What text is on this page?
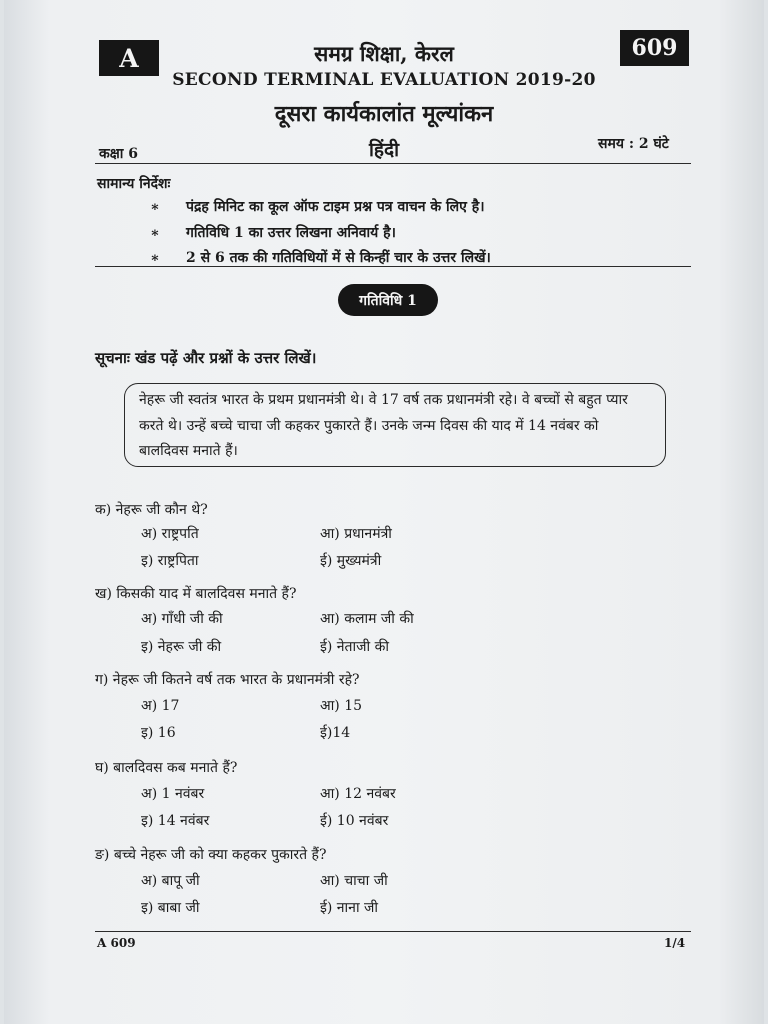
A	609
समग्र शिक्षा, केरल
SECOND TERMINAL EVALUATION 2019-20
दूसरा कार्यकालांत मूल्यांकन
कक्षा 6	हिंदी	समय : 2 घंटे
सामान्य निर्देशः
∗ पंद्रह मिनिट का कूल ऑफ टाइम प्रश्न पत्र वाचन के लिए है।
∗ गतिविधि 1 का उत्तर लिखना अनिवार्य है।
∗ 2 से 6 तक की गतिविधियों में से किन्हीं चार के उत्तर लिखें।
गतिविधि 1
सूचनाः खंड पढ़ें और प्रश्नों के उत्तर लिखें।
नेहरू जी स्वतंत्र भारत के प्रथम प्रधानमंत्री थे। वे 17 वर्ष तक प्रधानमंत्री रहे। वे बच्चों से बहुत प्यार करते थे। उन्हें बच्चे चाचा जी कहकर पुकारते हैं। उनके जन्म दिवस की याद में 14 नवंबर को बालदिवस मनाते हैं।
क) नेहरू जी कौन थे?
अ) राष्ट्रपति	आ) प्रधानमंत्री
इ) राष्ट्रपिता	ई) मुख्यमंत्री
ख) किसकी याद में बालदिवस मनाते हैं?
अ) गाँधी जी की	आ) कलाम जी की
इ) नेहरू जी की	ई) नेताजी की
ग) नेहरू जी कितने वर्ष तक भारत के प्रधानमंत्री रहे?
अ) 17	आ) 15
इ) 16	ई)14
घ) बालदिवस कब मनाते हैं?
अ) 1 नवंबर	आ) 12 नवंबर
इ) 14 नवंबर	ई) 10 नवंबर
ङ) बच्चे नेहरू जी को क्या कहकर पुकारते हैं?
अ) बापू जी	आ) चाचा जी
इ) बाबा जी	ई) नाना जी
A 609	1/4
